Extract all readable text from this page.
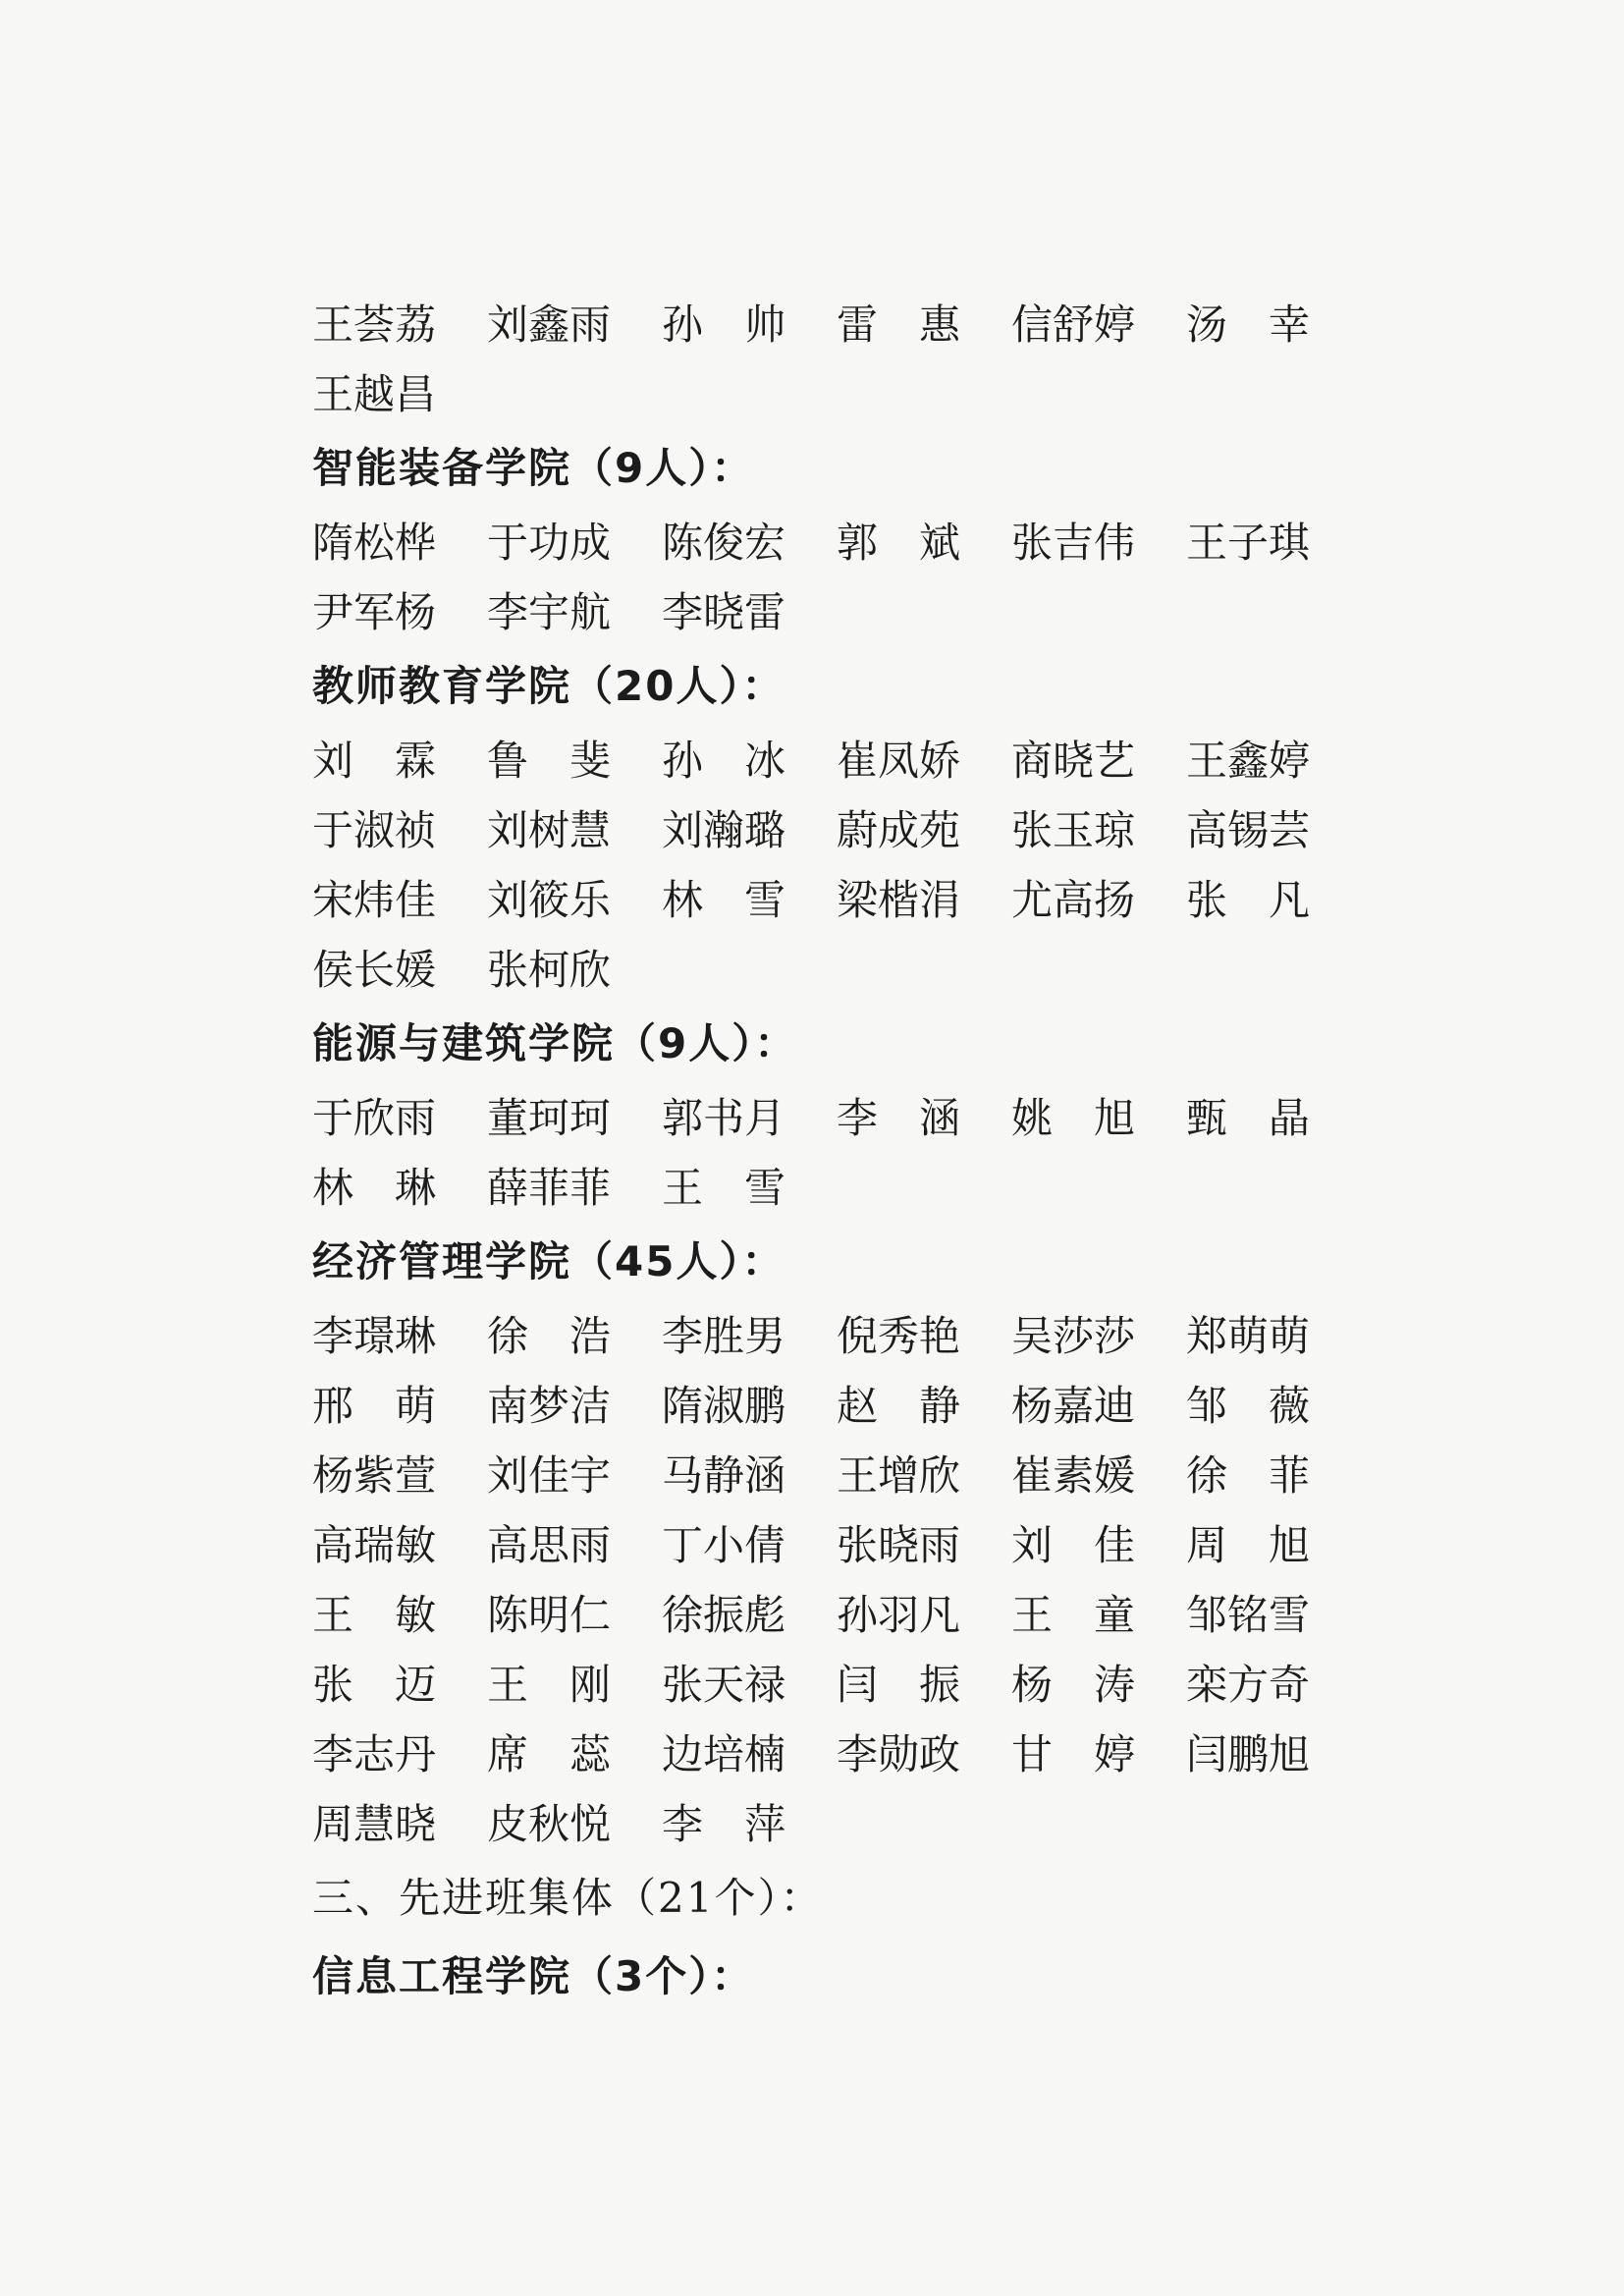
王荟荔	刘鑫雨	孙　帅	雷　惠	信舒婷	汤　幸
王越昌
智能装备学院（9人）：
隋松桦	于功成	陈俊宏	郭　斌	张吉伟	王子琪
尹军杨	李宇航	李晓雷
教师教育学院（20人）：
刘　霖	鲁　斐	孙　冰	崔凤娇	商晓艺	王鑫婷
于淑祯	刘树慧	刘瀚璐	蔚成苑	张玉琼	高锡芸
宋炜佳	刘筱乐	林　雪	梁楷涓	尤高扬	张　凡
侯长媛	张柯欣
能源与建筑学院（9人）：
于欣雨	董珂珂	郭书月	李　涵	姚　旭	甄　晶
林　琳	薛菲菲	王　雪
经济管理学院（45人）：
李璟琳	徐　浩	李胜男	倪秀艳	吴莎莎	郑萌萌
邢　萌	南梦洁	隋淑鹏	赵　静	杨嘉迪	邹　薇
杨紫萱	刘佳宇	马静涵	王增欣	崔素媛	徐　菲
高瑞敏	高思雨	丁小倩	张晓雨	刘　佳	周　旭
王　敏	陈明仁	徐振彪	孙羽凡	王　童	邹铭雪
张　迈	王　刚	张天禄	闫　振	杨　涛	栾方奇
李志丹	席　蕊	边培楠	李勋政	甘　婷	闫鹏旭
周慧晓	皮秋悦	李　萍
三、先进班集体（21个）：
信息工程学院（3个）：
